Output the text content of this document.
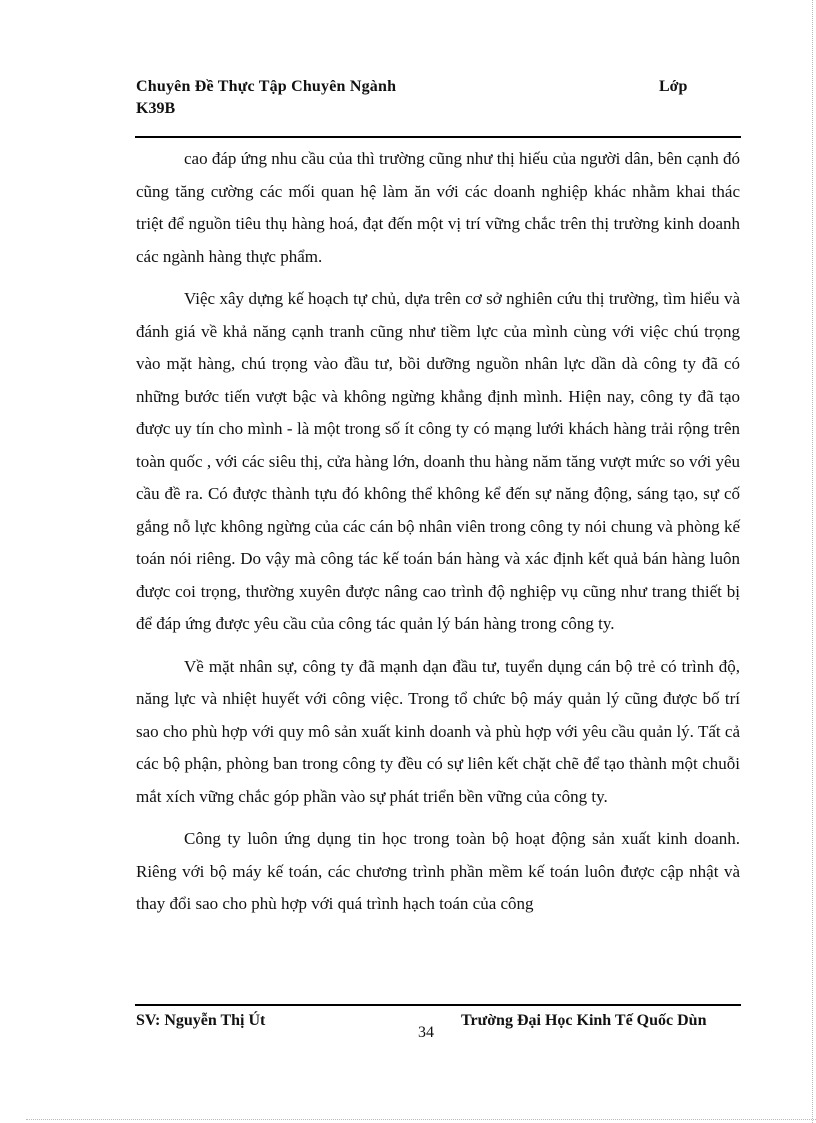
Chuyên Đề Thực Tập Chuyên Ngành	Lớp
K39B

cao đáp ứng nhu cầu của thì trường cũng như thị hiếu của người dân, bên cạnh đó cũng tăng cường các mối quan hệ làm ăn với các doanh nghiệp khác nhằm khai thác triệt để nguồn tiêu thụ hàng hoá, đạt đến một vị trí vững chắc trên thị trường kinh doanh các ngành hàng thực phẩm.

Việc xây dựng kế hoạch tự chủ, dựa trên cơ sở nghiên cứu thị trường, tìm hiểu và đánh giá về khả năng cạnh tranh cũng như tiềm lực của mình cùng với việc chú trọng vào mặt hàng, chú trọng vào đầu tư, bồi dưỡng nguồn nhân lực dần dà công ty đã có những bước tiến vượt bậc và không ngừng khẳng định mình. Hiện nay, công ty đã tạo được uy tín cho mình - là một trong số ít công ty có mạng lưới khách hàng trải rộng trên toàn quốc , với các siêu thị, cửa hàng lớn, doanh thu hàng năm tăng vượt mức so với yêu cầu đề ra. Có được thành tựu đó không thể không kể đến sự năng động, sáng tạo, sự cố gắng nỗ lực không ngừng của các cán bộ nhân viên trong công ty nói chung và phòng kế toán nói riêng. Do vậy mà công tác kế toán bán hàng và xác định kết quả bán hàng luôn được coi trọng, thường xuyên được nâng cao trình độ nghiệp vụ cũng như trang thiết bị để đáp ứng được yêu cầu của công tác quản lý bán hàng trong công ty.

Về mặt nhân sự, công ty đã mạnh dạn đầu tư, tuyển dụng cán bộ trẻ có trình độ, năng lực và nhiệt huyết với công việc. Trong tổ chức bộ máy quản lý cũng được bố trí sao cho phù hợp với quy mô sản xuất kinh doanh và phù hợp với yêu cầu quản lý. Tất cả các bộ phận, phòng ban trong công ty đều có sự liên kết chặt chẽ để tạo thành một chuỗi mắt xích vững chắc góp phần vào sự phát triển bền vững của công ty.

Công ty luôn ứng dụng tin học trong toàn bộ hoạt động sản xuất kinh doanh. Riêng với bộ máy kế toán, các chương trình phần mềm kế toán luôn được cập nhật và thay đổi sao cho phù hợp với quá trình hạch toán của công

SV: Nguyễn Thị Út
34
Trường Đại Học Kinh Tế Quốc Dùn
